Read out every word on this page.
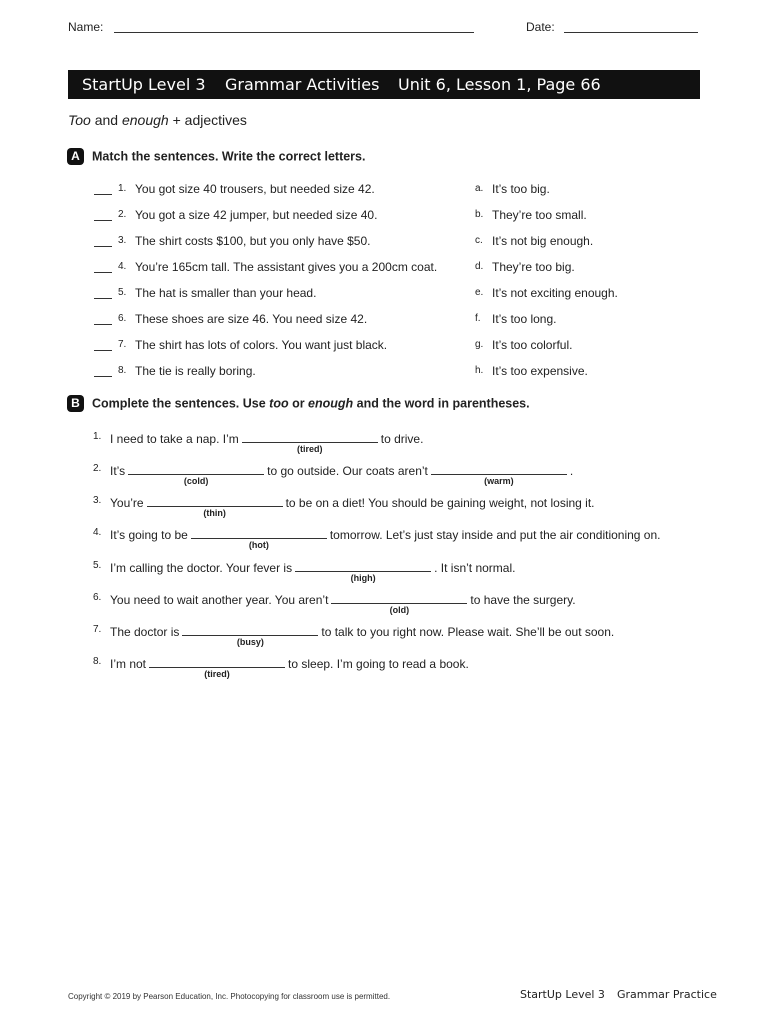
Name:	Date:
StartUp Level 3 Grammar Activities Unit 6, Lesson 1, Page 66
Too and enough + adjectives
A Match the sentences. Write the correct letters.
1. You got size 40 trousers, but needed size 42.	a. It’s too big.
2. You got a size 42 jumper, but needed size 40.	b. They’re too small.
3. The shirt costs $100, but you only have $50.	c. It’s not big enough.
4. You’re 165cm tall. The assistant gives you a 200cm coat.	d. They’re too big.
5. The hat is smaller than your head.	e. It’s not exciting enough.
6. These shoes are size 46. You need size 42.	f. It’s too long.
7. The shirt has lots of colors. You want just black.	g. It’s too colorful.
8. The tie is really boring.	h. It’s too expensive.
B Complete the sentences. Use too or enough and the word in parentheses.
1. I need to take a nap. I’m
(tired)
to drive.
2. It’s
(cold)
to go outside. Our coats aren’t
(warm)
.
3. You’re
(thin)
to be on a diet! You should be gaining weight, not losing it.
4. It’s going to be
(hot)
tomorrow. Let’s just stay inside and put the air conditioning on.
5. I’m calling the doctor. Your fever is
(high)
. It isn’t normal.
6. You need to wait another year. You aren’t
(old)
to have the surgery.
7. The doctor is
(busy)
to talk to you right now. Please wait. She’ll be out soon.
8. I’m not
(tired)
to sleep. I’m going to read a book.
Copyright © 2019 by Pearson Education, Inc. Photocopying for classroom use is permitted.	StartUp Level 3 Grammar Practice
